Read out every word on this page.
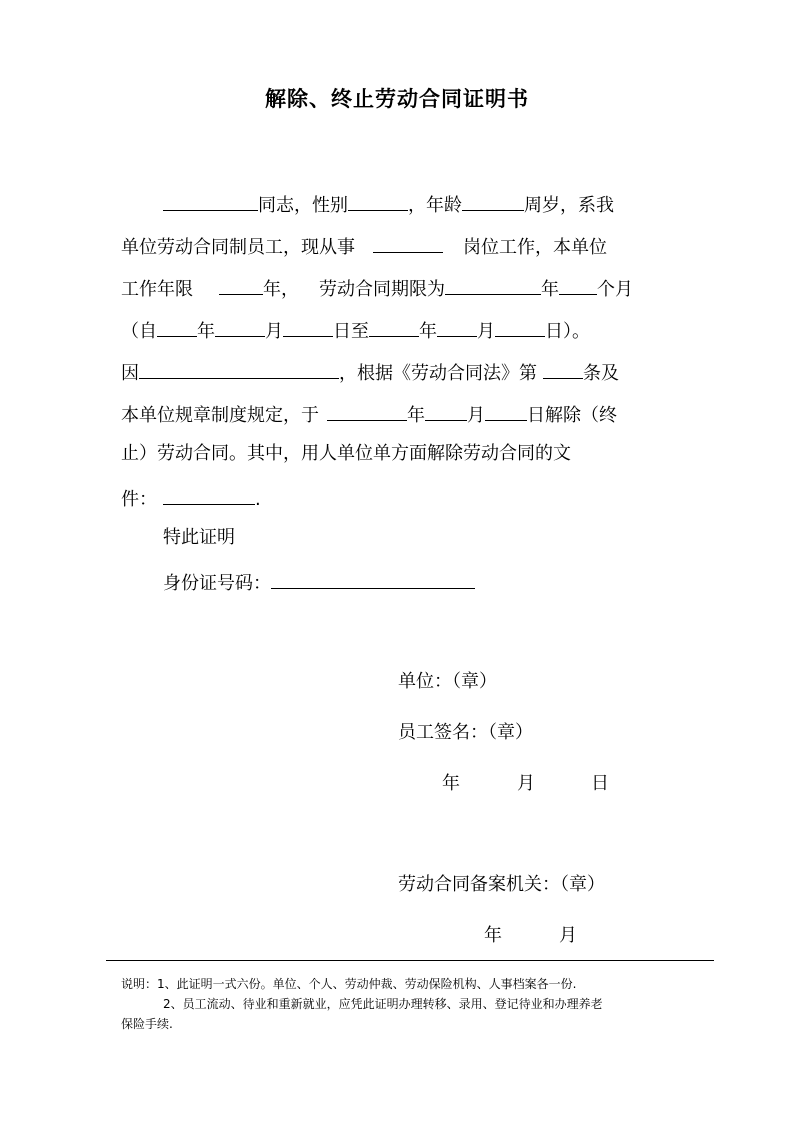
解除、终止劳动合同证明书
同志，性别	，年龄	周岁，系我
单位劳动合同制员工，现从事	岗位工作，本单位
工作年限	年， 劳动合同期限为	年 个月
（自 年	月	日至	年 月	日）。
因	，根据《劳动合同法》第	条及
本单位规章制度规定，于	年 月 日解除（终
止）劳动合同。其中，用人单位单方面解除劳动合同的文
件：	.
特此证明
身份证号码：
单位：（章）
员工签名：（章）
年	月	日
劳动合同备案机关：（章）
年	月
说明：1、此证明一式六份。单位、个人、劳动仲裁、劳动保险机构、人事档案各一份.
2、员工流动、待业和重新就业，应凭此证明办理转移、录用、登记待业和办理养老
保险手续.
